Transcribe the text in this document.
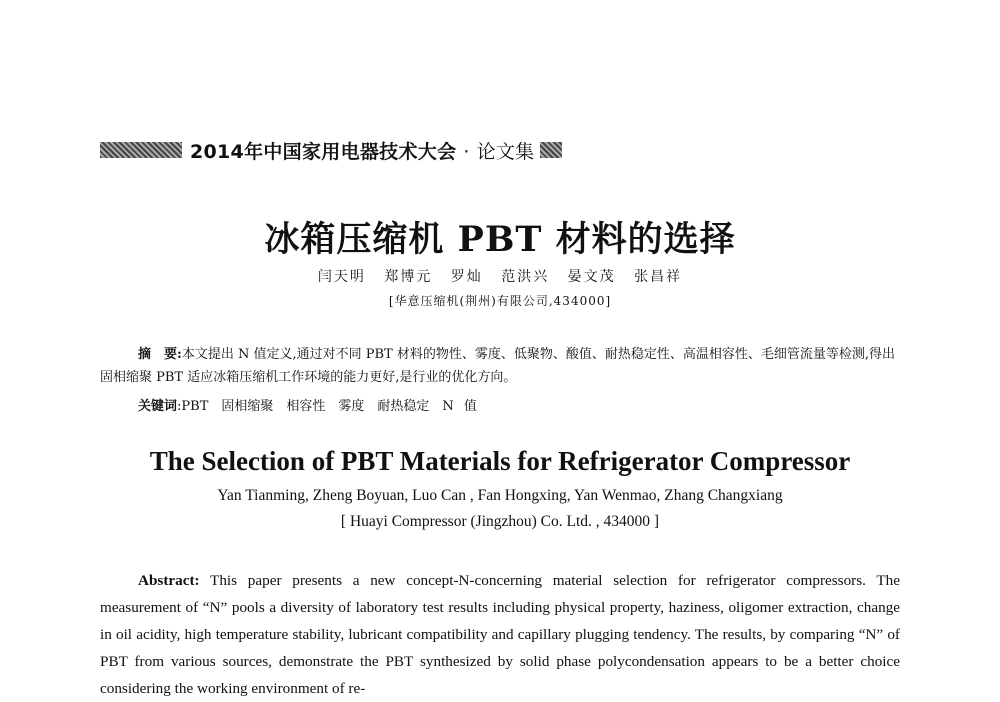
2014年中国家用电器技术大会 · 论文集
冰箱压缩机 PBT 材料的选择
闫天明 郑博元 罗灿 范洪兴 晏文茂 张昌祥
[华意压缩机(荆州)有限公司,434000]
摘　要:本文提出 N 值定义,通过对不同 PBT 材料的物性、雾度、低聚物、酸值、耐热稳定性、高温相容性、毛细管流量等检测,得出固相缩聚 PBT 适应冰箱压缩机工作环境的能力更好,是行业的优化方向。
关键词:PBT　固相缩聚　相容性　雾度　耐热稳定　N 值
The Selection of PBT Materials for Refrigerator Compressor
Yan Tianming, Zheng Boyuan, Luo Can , Fan Hongxing, Yan Wenmao, Zhang Changxiang
[ Huayi Compressor (Jingzhou) Co. Ltd. , 434000 ]
Abstract: This paper presents a new concept-N-concerning material selection for refrigerator compressors. The measurement of “N” pools a diversity of laboratory test results including physical property, haziness, oligomer extraction, change in oil acidity, high temperature stability, lubricant compatibility and capillary plugging tendency. The results, by comparing “N” of PBT from various sources, demonstrate the PBT synthesized by solid phase polycondensation appears to be a better choice considering the working environment of re-
